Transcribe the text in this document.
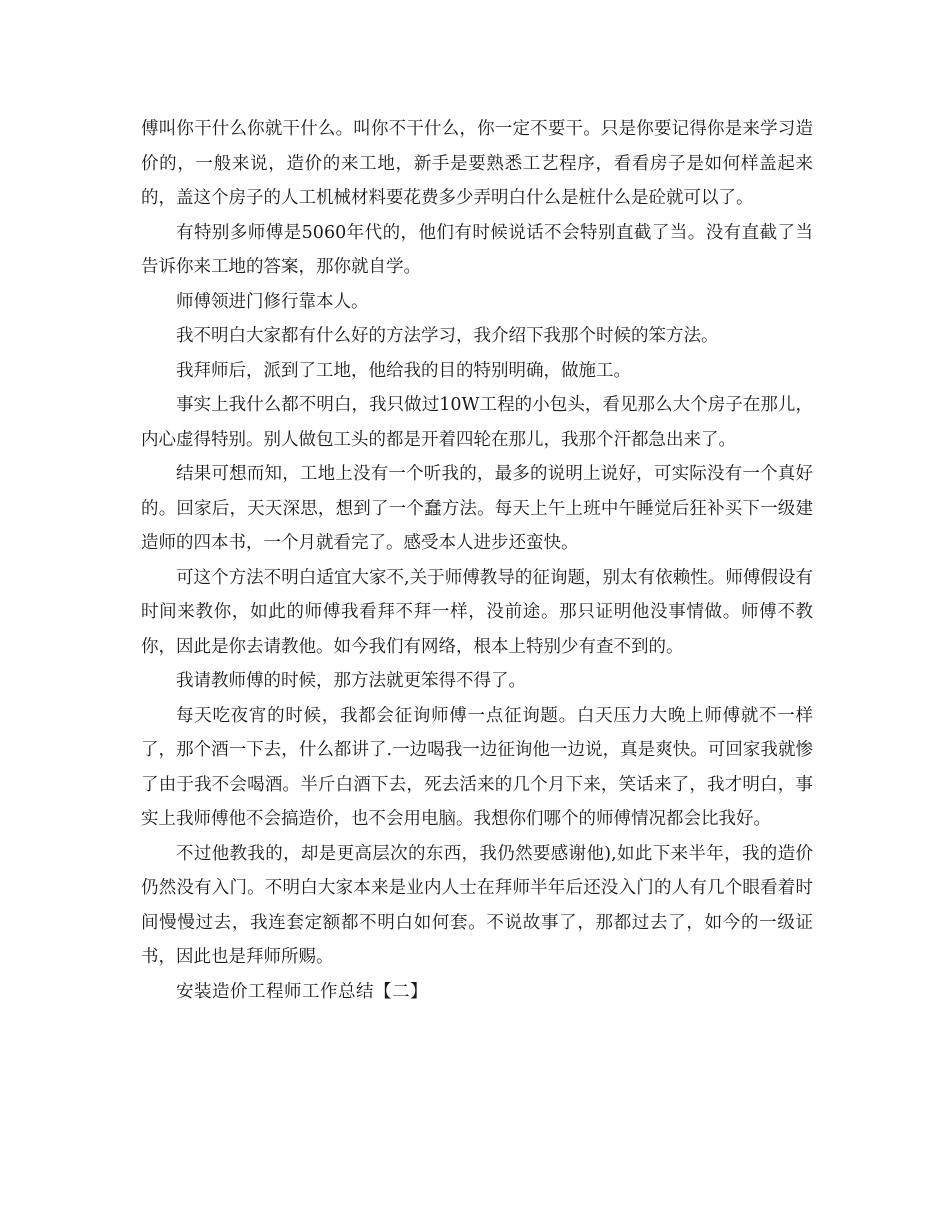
傅叫你干什么你就干什么。叫你不干什么，你一定不要干。只是你要记得你是来学习造价的，一般来说，造价的来工地，新手是要熟悉工艺程序，看看房子是如何样盖起来的，盖这个房子的人工机械材料要花费多少弄明白什么是桩什么是砼就可以了。

有特别多师傅是5060年代的，他们有时候说话不会特别直截了当。没有直截了当告诉你来工地的答案，那你就自学。

师傅领进门修行靠本人。

我不明白大家都有什么好的方法学习，我介绍下我那个时候的笨方法。

我拜师后，派到了工地，他给我的目的特别明确，做施工。

事实上我什么都不明白，我只做过10W工程的小包头，看见那么大个房子在那儿，内心虚得特别。别人做包工头的都是开着四轮在那儿，我那个汗都急出来了。

结果可想而知，工地上没有一个听我的，最多的说明上说好，可实际没有一个真好的。回家后，天天深思，想到了一个蠢方法。每天上午上班中午睡觉后狂补买下一级建造师的四本书，一个月就看完了。感受本人进步还蛮快。

可这个方法不明白适宜大家不,关于师傅教导的征询题，别太有依赖性。师傅假设有时间来教你，如此的师傅我看拜不拜一样，没前途。那只证明他没事情做。师傅不教你，因此是你去请教他。如今我们有网络，根本上特别少有查不到的。

我请教师傅的时候，那方法就更笨得不得了。

每天吃夜宵的时候，我都会征询师傅一点征询题。白天压力大晚上师傅就不一样了，那个酒一下去，什么都讲了.一边喝我一边征询他一边说，真是爽快。可回家我就惨了由于我不会喝酒。半斤白酒下去，死去活来的几个月下来，笑话来了，我才明白，事实上我师傅他不会搞造价，也不会用电脑。我想你们哪个的师傅情况都会比我好。

不过他教我的，却是更高层次的东西，我仍然要感谢他),如此下来半年，我的造价仍然没有入门。不明白大家本来是业内人士在拜师半年后还没入门的人有几个眼看着时间慢慢过去，我连套定额都不明白如何套。不说故事了，那都过去了，如今的一级证书，因此也是拜师所赐。

安装造价工程师工作总结【二】
